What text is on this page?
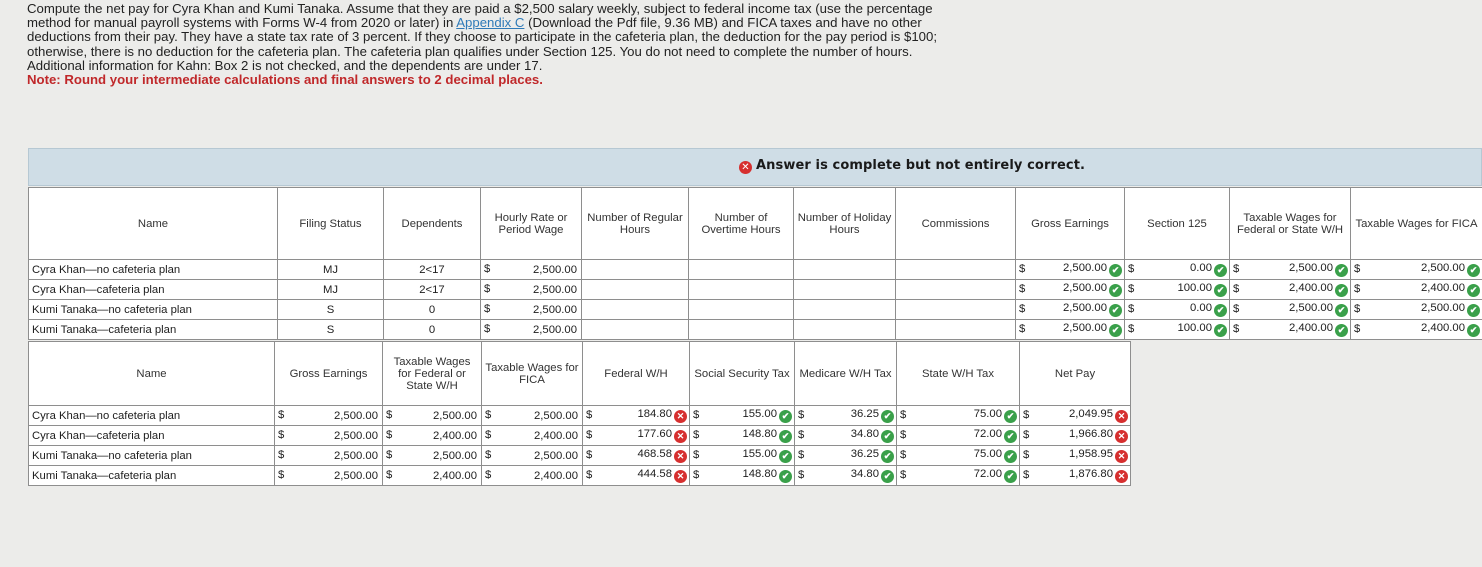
Compute the net pay for Cyra Khan and Kumi Tanaka. Assume that they are paid a $2,500 salary weekly, subject to federal income tax (use the percentage method for manual payroll systems with Forms W-4 from 2020 or later) in Appendix C (Download the Pdf file, 9.36 MB) and FICA taxes and have no other deductions from their pay. They have a state tax rate of 3 percent. If they choose to participate in the cafeteria plan, the deduction for the pay period is $100; otherwise, there is no deduction for the cafeteria plan. The cafeteria plan qualifies under Section 125. You do not need to complete the number of hours. Additional information for Kahn: Box 2 is not checked, and the dependents are under 17.
Note: Round your intermediate calculations and final answers to 2 decimal places.
✕ Answer is complete but not entirely correct.
Name	Filing Status	Dependents	Hourly Rate or Period Wage	Number of Regular Hours	Number of Overtime Hours	Number of Holiday Hours	Commissions	Gross Earnings	Section 125	Taxable Wages for Federal or State W/H	Taxable Wages for FICA
Cyra Khan—no cafeteria plan	MJ	2<17	$ 2,500.00					$ 2,500.00 ✔	$ 0.00 ✔	$ 2,500.00 ✔	$ 2,500.00 ✔
Cyra Khan—cafeteria plan	MJ	2<17	$ 2,500.00					$ 2,500.00 ✔	$ 100.00 ✔	$ 2,400.00 ✔	$ 2,400.00 ✔
Kumi Tanaka—no cafeteria plan	S	0	$ 2,500.00					$ 2,500.00 ✔	$ 0.00 ✔	$ 2,500.00 ✔	$ 2,500.00 ✔
Kumi Tanaka—cafeteria plan	S	0	$ 2,500.00					$ 2,500.00 ✔	$ 100.00 ✔	$ 2,400.00 ✔	$ 2,400.00 ✔
Name	Gross Earnings	Taxable Wages for Federal or State W/H	Taxable Wages for FICA	Federal W/H	Social Security Tax	Medicare W/H Tax	State W/H Tax	Net Pay
Cyra Khan—no cafeteria plan	$ 2,500.00	$ 2,500.00	$ 2,500.00	$ 184.80 ✕	$ 155.00 ✔	$ 36.25 ✔	$ 75.00 ✔	$ 2,049.95 ✕
Cyra Khan—cafeteria plan	$ 2,500.00	$ 2,400.00	$ 2,400.00	$ 177.60 ✕	$ 148.80 ✔	$ 34.80 ✔	$ 72.00 ✔	$ 1,966.80 ✕
Kumi Tanaka—no cafeteria plan	$ 2,500.00	$ 2,500.00	$ 2,500.00	$ 468.58 ✕	$ 155.00 ✔	$ 36.25 ✔	$ 75.00 ✔	$ 1,958.95 ✕
Kumi Tanaka—cafeteria plan	$ 2,500.00	$ 2,400.00	$ 2,400.00	$ 444.58 ✕	$ 148.80 ✔	$ 34.80 ✔	$ 72.00 ✔	$ 1,876.80 ✕
